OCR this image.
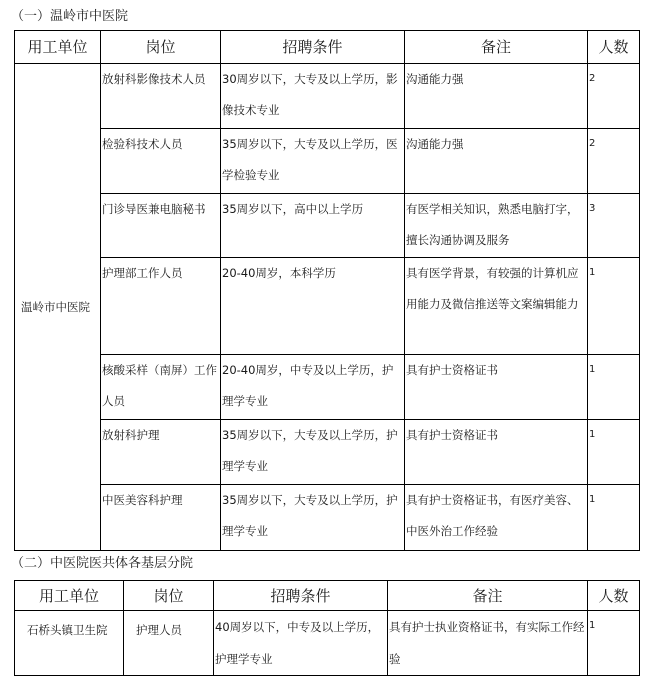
（一）温岭市中医院
用工单位	岗位	招聘条件	备注	人数
温岭市中医院	放射科影像技术人员	30周岁以下，大专及以上学历，影像技术专业	沟通能力强	2

	检验科技术人员	35周岁以下，大专及以上学历，医学检验专业	沟通能力强	2

	门诊导医兼电脑秘书	35周岁以下，高中以上学历	有医学相关知识，熟悉电脑打字，擅长沟通协调及服务	3

	护理部工作人员	20-40周岁，本科学历	具有医学背景，有较强的计算机应用能力及微信推送等文案编辑能力	1

	核酸采样（南屏）工作人员	20-40周岁，中专及以上学历，护理学专业	具有护士资格证书	1

	放射科护理	35周岁以下，大专及以上学历，护理学专业	具有护士资格证书	1

	中医美容科护理	35周岁以下，大专及以上学历，护理学专业	具有护士资格证书，有医疗美容、中医外治工作经验	1
（二）中医院医共体各基层分院
用工单位	岗位	招聘条件	备注	人数

石桥头镇卫生院	护理人员	40周岁以下，中专及以上学历，护理学专业	具有护士执业资格证书，有实际工作经验	1
